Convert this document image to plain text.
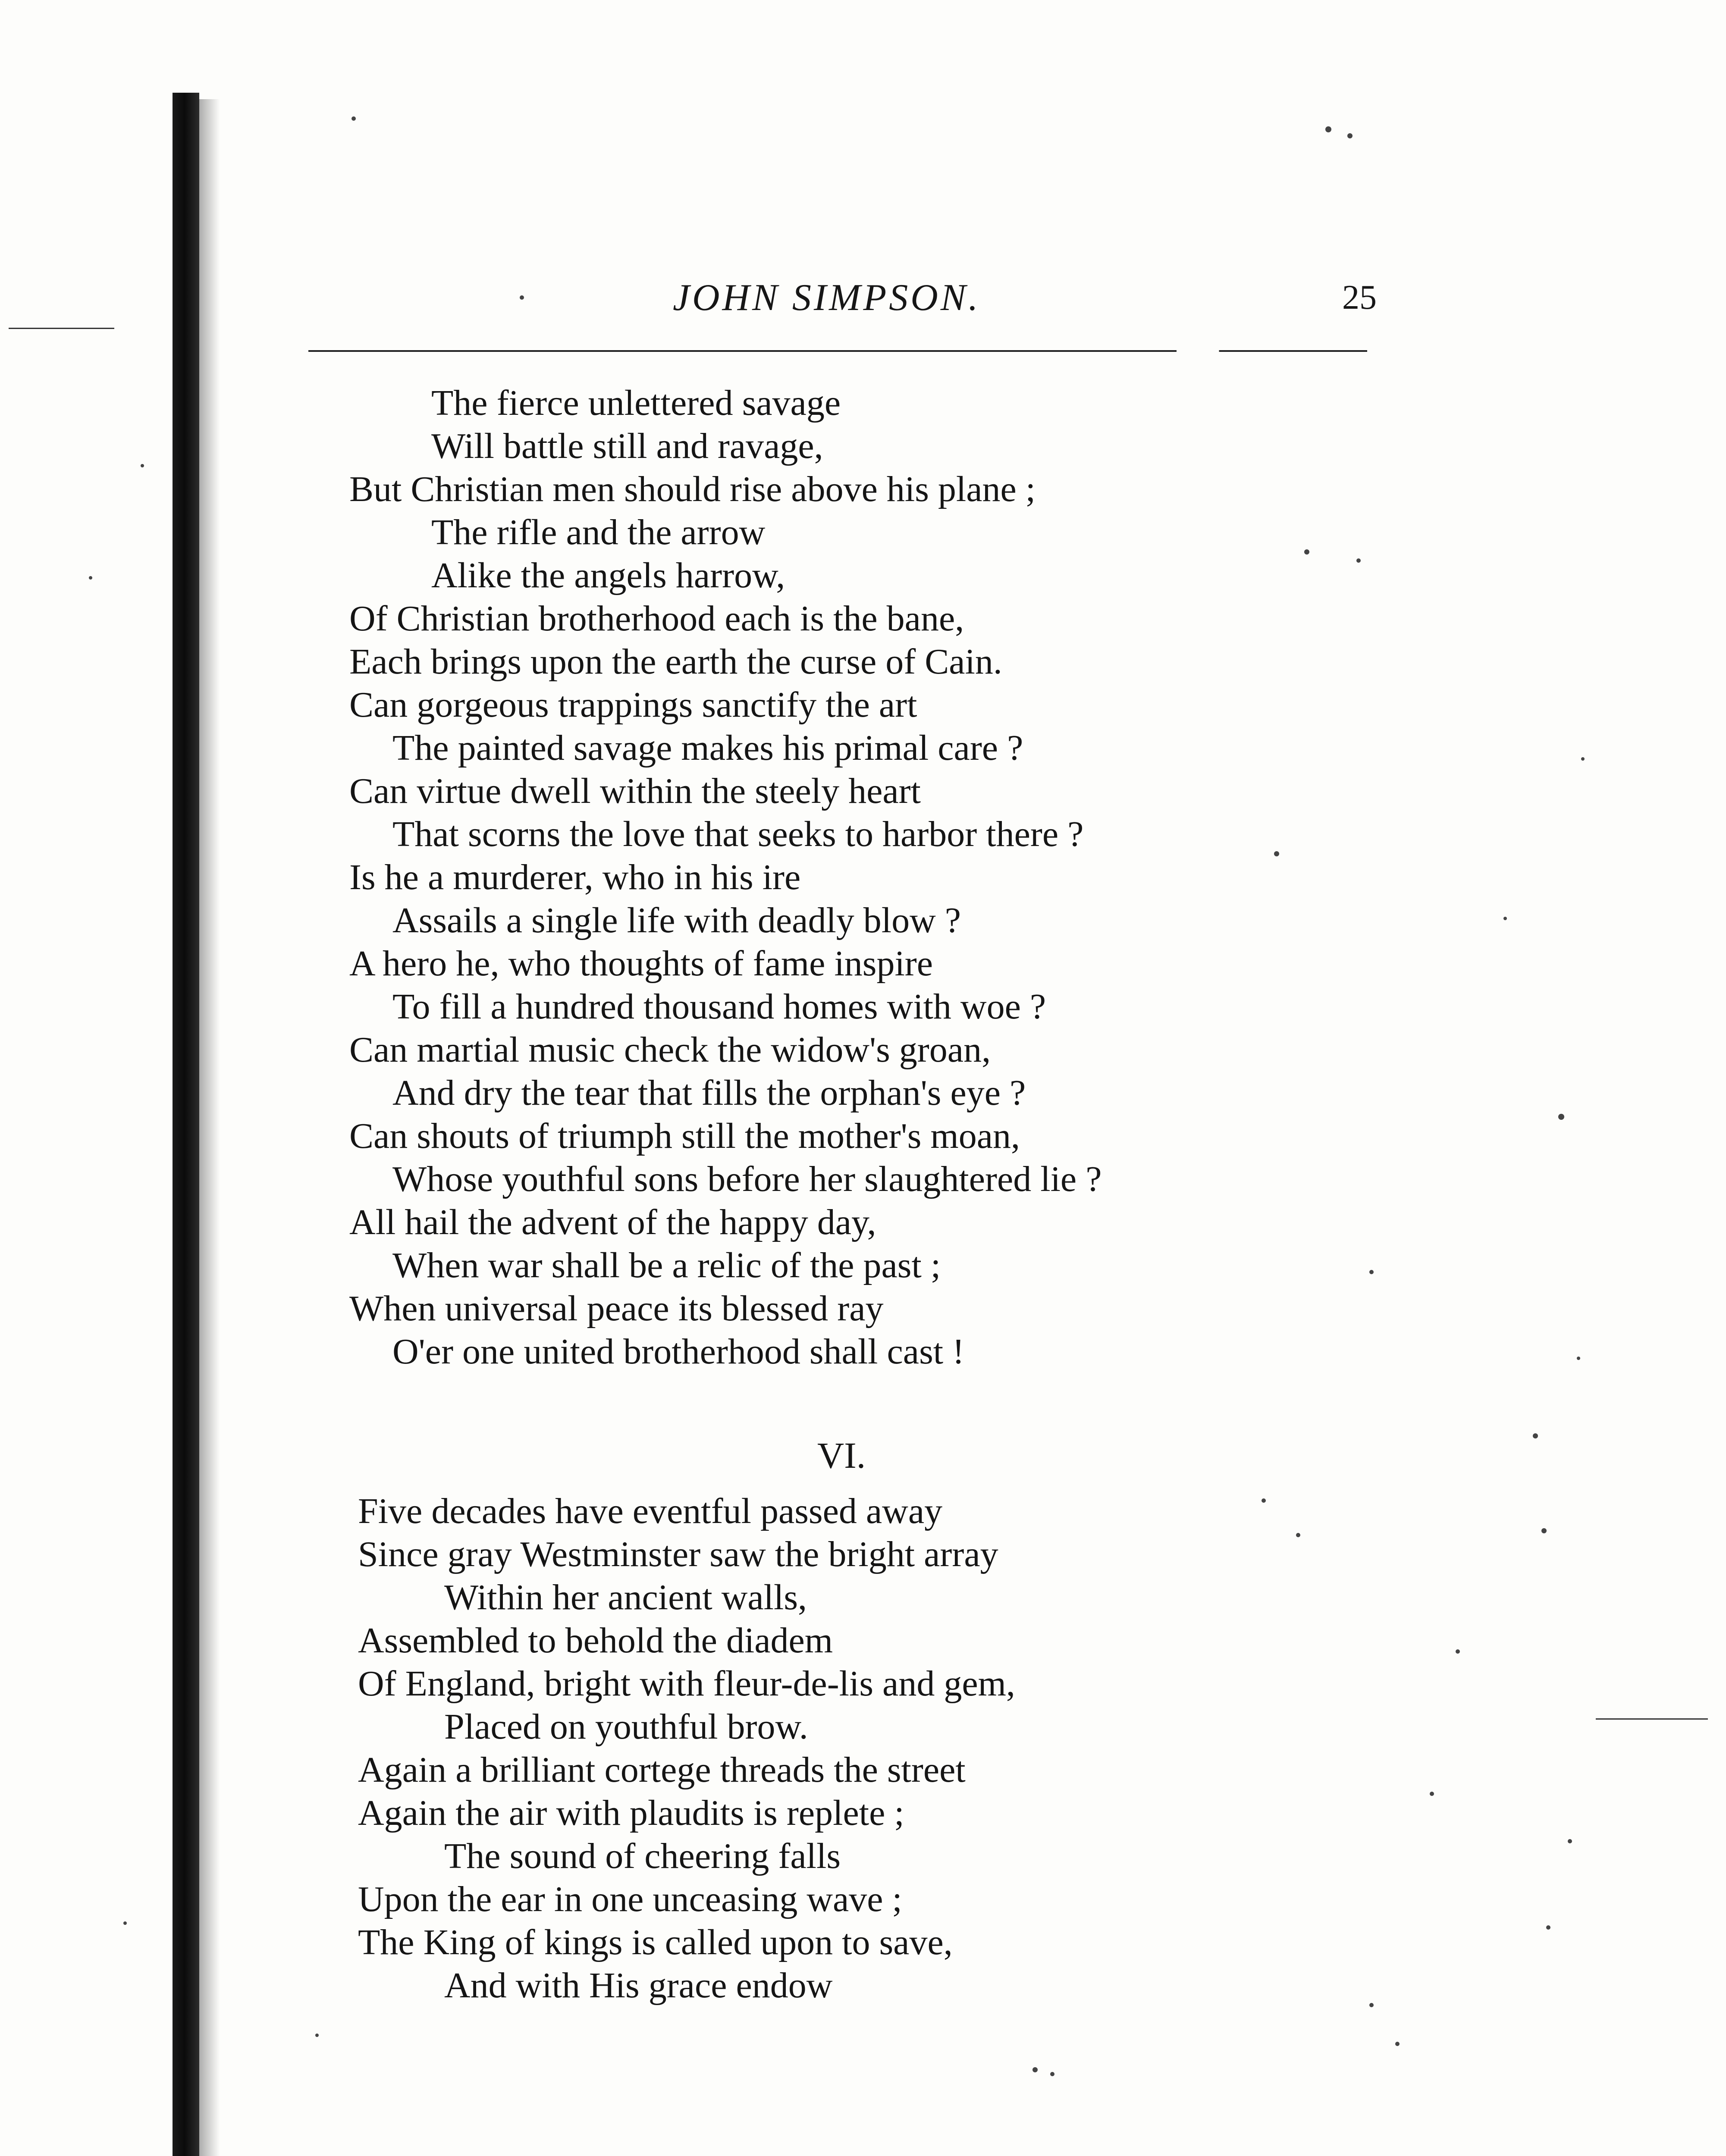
JOHN SIMPSON.	25
The fierce unlettered savage
Will battle still and ravage,
But Christian men should rise above his plane ;
The rifle and the arrow
Alike the angels harrow,
Of Christian brotherhood each is the bane,
Each brings upon the earth the curse of Cain.
Can gorgeous trappings sanctify the art
The painted savage makes his primal care ?
Can virtue dwell within the steely heart
That scorns the love that seeks to harbor there ?
Is he a murderer, who in his ire
Assails a single life with deadly blow ?
A hero he, who thoughts of fame inspire
To fill a hundred thousand homes with woe ?
Can martial music check the widow's groan,
And dry the tear that fills the orphan's eye ?
Can shouts of triumph still the mother's moan,
Whose youthful sons before her slaughtered lie ?
All hail the advent of the happy day,
When war shall be a relic of the past ;
When universal peace its blessed ray
O'er one united brotherhood shall cast !
VI.
Five decades have eventful passed away
Since gray Westminster saw the bright array
Within her ancient walls,
Assembled to behold the diadem
Of England, bright with fleur-de-lis and gem,
Placed on youthful brow.
Again a brilliant cortege threads the street
Again the air with plaudits is replete ;
The sound of cheering falls
Upon the ear in one unceasing wave ;
The King of kings is called upon to save,
And with His grace endow
